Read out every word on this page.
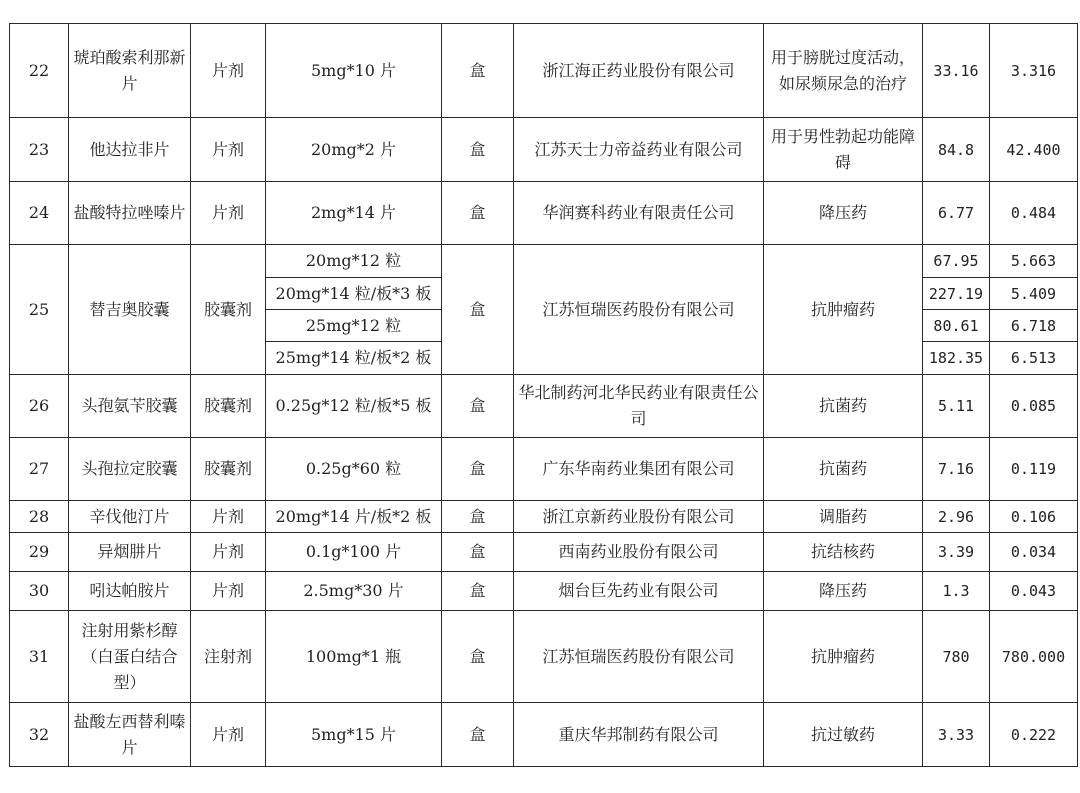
22	琥珀酸索利那新片	片剂	5mg*10 片	盒	浙江海正药业股份有限公司	用于膀胱过度活动，如尿频尿急的治疗	33.16	3.316
23	他达拉非片	片剂	20mg*2 片	盒	江苏天士力帝益药业有限公司	用于男性勃起功能障碍	84.8	42.400
24	盐酸特拉唑嗪片	片剂	2mg*14 片	盒	华润赛科药业有限责任公司	降压药	6.77	0.484
25	替吉奥胶囊	胶囊剂	20mg*12 粒	盒	江苏恒瑞医药股份有限公司	抗肿瘤药	67.95	5.663
			20mg*14 粒/板*3 板				227.19	5.409
			25mg*12 粒				80.61	6.718
			25mg*14 粒/板*2 板				182.35	6.513
26	头孢氨苄胶囊	胶囊剂	0.25g*12 粒/板*5 板	盒	华北制药河北华民药业有限责任公司	抗菌药	5.11	0.085
27	头孢拉定胶囊	胶囊剂	0.25g*60 粒	盒	广东华南药业集团有限公司	抗菌药	7.16	0.119
28	辛伐他汀片	片剂	20mg*14 片/板*2 板	盒	浙江京新药业股份有限公司	调脂药	2.96	0.106
29	异烟肼片	片剂	0.1g*100 片	盒	西南药业股份有限公司	抗结核药	3.39	0.034
30	吲达帕胺片	片剂	2.5mg*30 片	盒	烟台巨先药业有限公司	降压药	1.3	0.043
31	注射用紫杉醇（白蛋白结合型）	注射剂	100mg*1 瓶	盒	江苏恒瑞医药股份有限公司	抗肿瘤药	780	780.000
32	盐酸左西替利嗪片	片剂	5mg*15 片	盒	重庆华邦制药有限公司	抗过敏药	3.33	0.222
